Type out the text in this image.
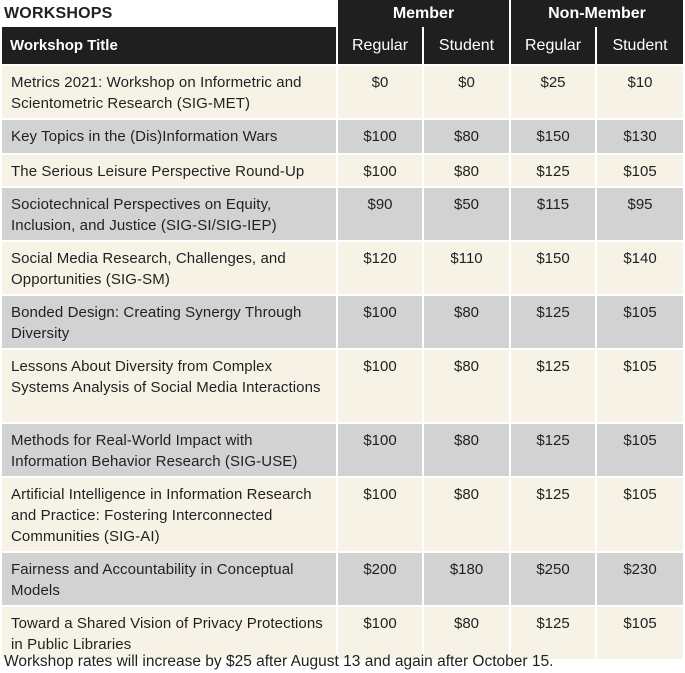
WORKSHOPS	Member		Non-Member	
Workshop Title	Regular	Student	Regular	Student
Metrics 2021: Workshop on Informetric and Scientometric Research (SIG-MET)	$0	$0	$25	$10
Key Topics in the (Dis)Information Wars	$100	$80	$150	$130
The Serious Leisure Perspective Round-Up	$100	$80	$125	$105
Sociotechnical Perspectives on Equity, Inclusion, and Justice (SIG-SI/SIG-IEP)	$90	$50	$115	$95
Social Media Research, Challenges, and Opportunities (SIG-SM)	$120	$110	$150	$140
Bonded Design: Creating Synergy Through Diversity	$100	$80	$125	$105
Lessons About Diversity from Complex Systems Analysis of Social Media Interactions	$100	$80	$125	$105
Methods for Real-World Impact with Information Behavior Research (SIG-USE)	$100	$80	$125	$105
Artificial Intelligence in Information Research and Practice: Fostering Interconnected Communities (SIG-AI)	$100	$80	$125	$105
Fairness and Accountability in Conceptual Models	$200	$180	$250	$230
Toward a Shared Vision of Privacy Protections in Public Libraries	$100	$80	$125	$105
Workshop rates will increase by $25 after August 13 and again after October 15.
